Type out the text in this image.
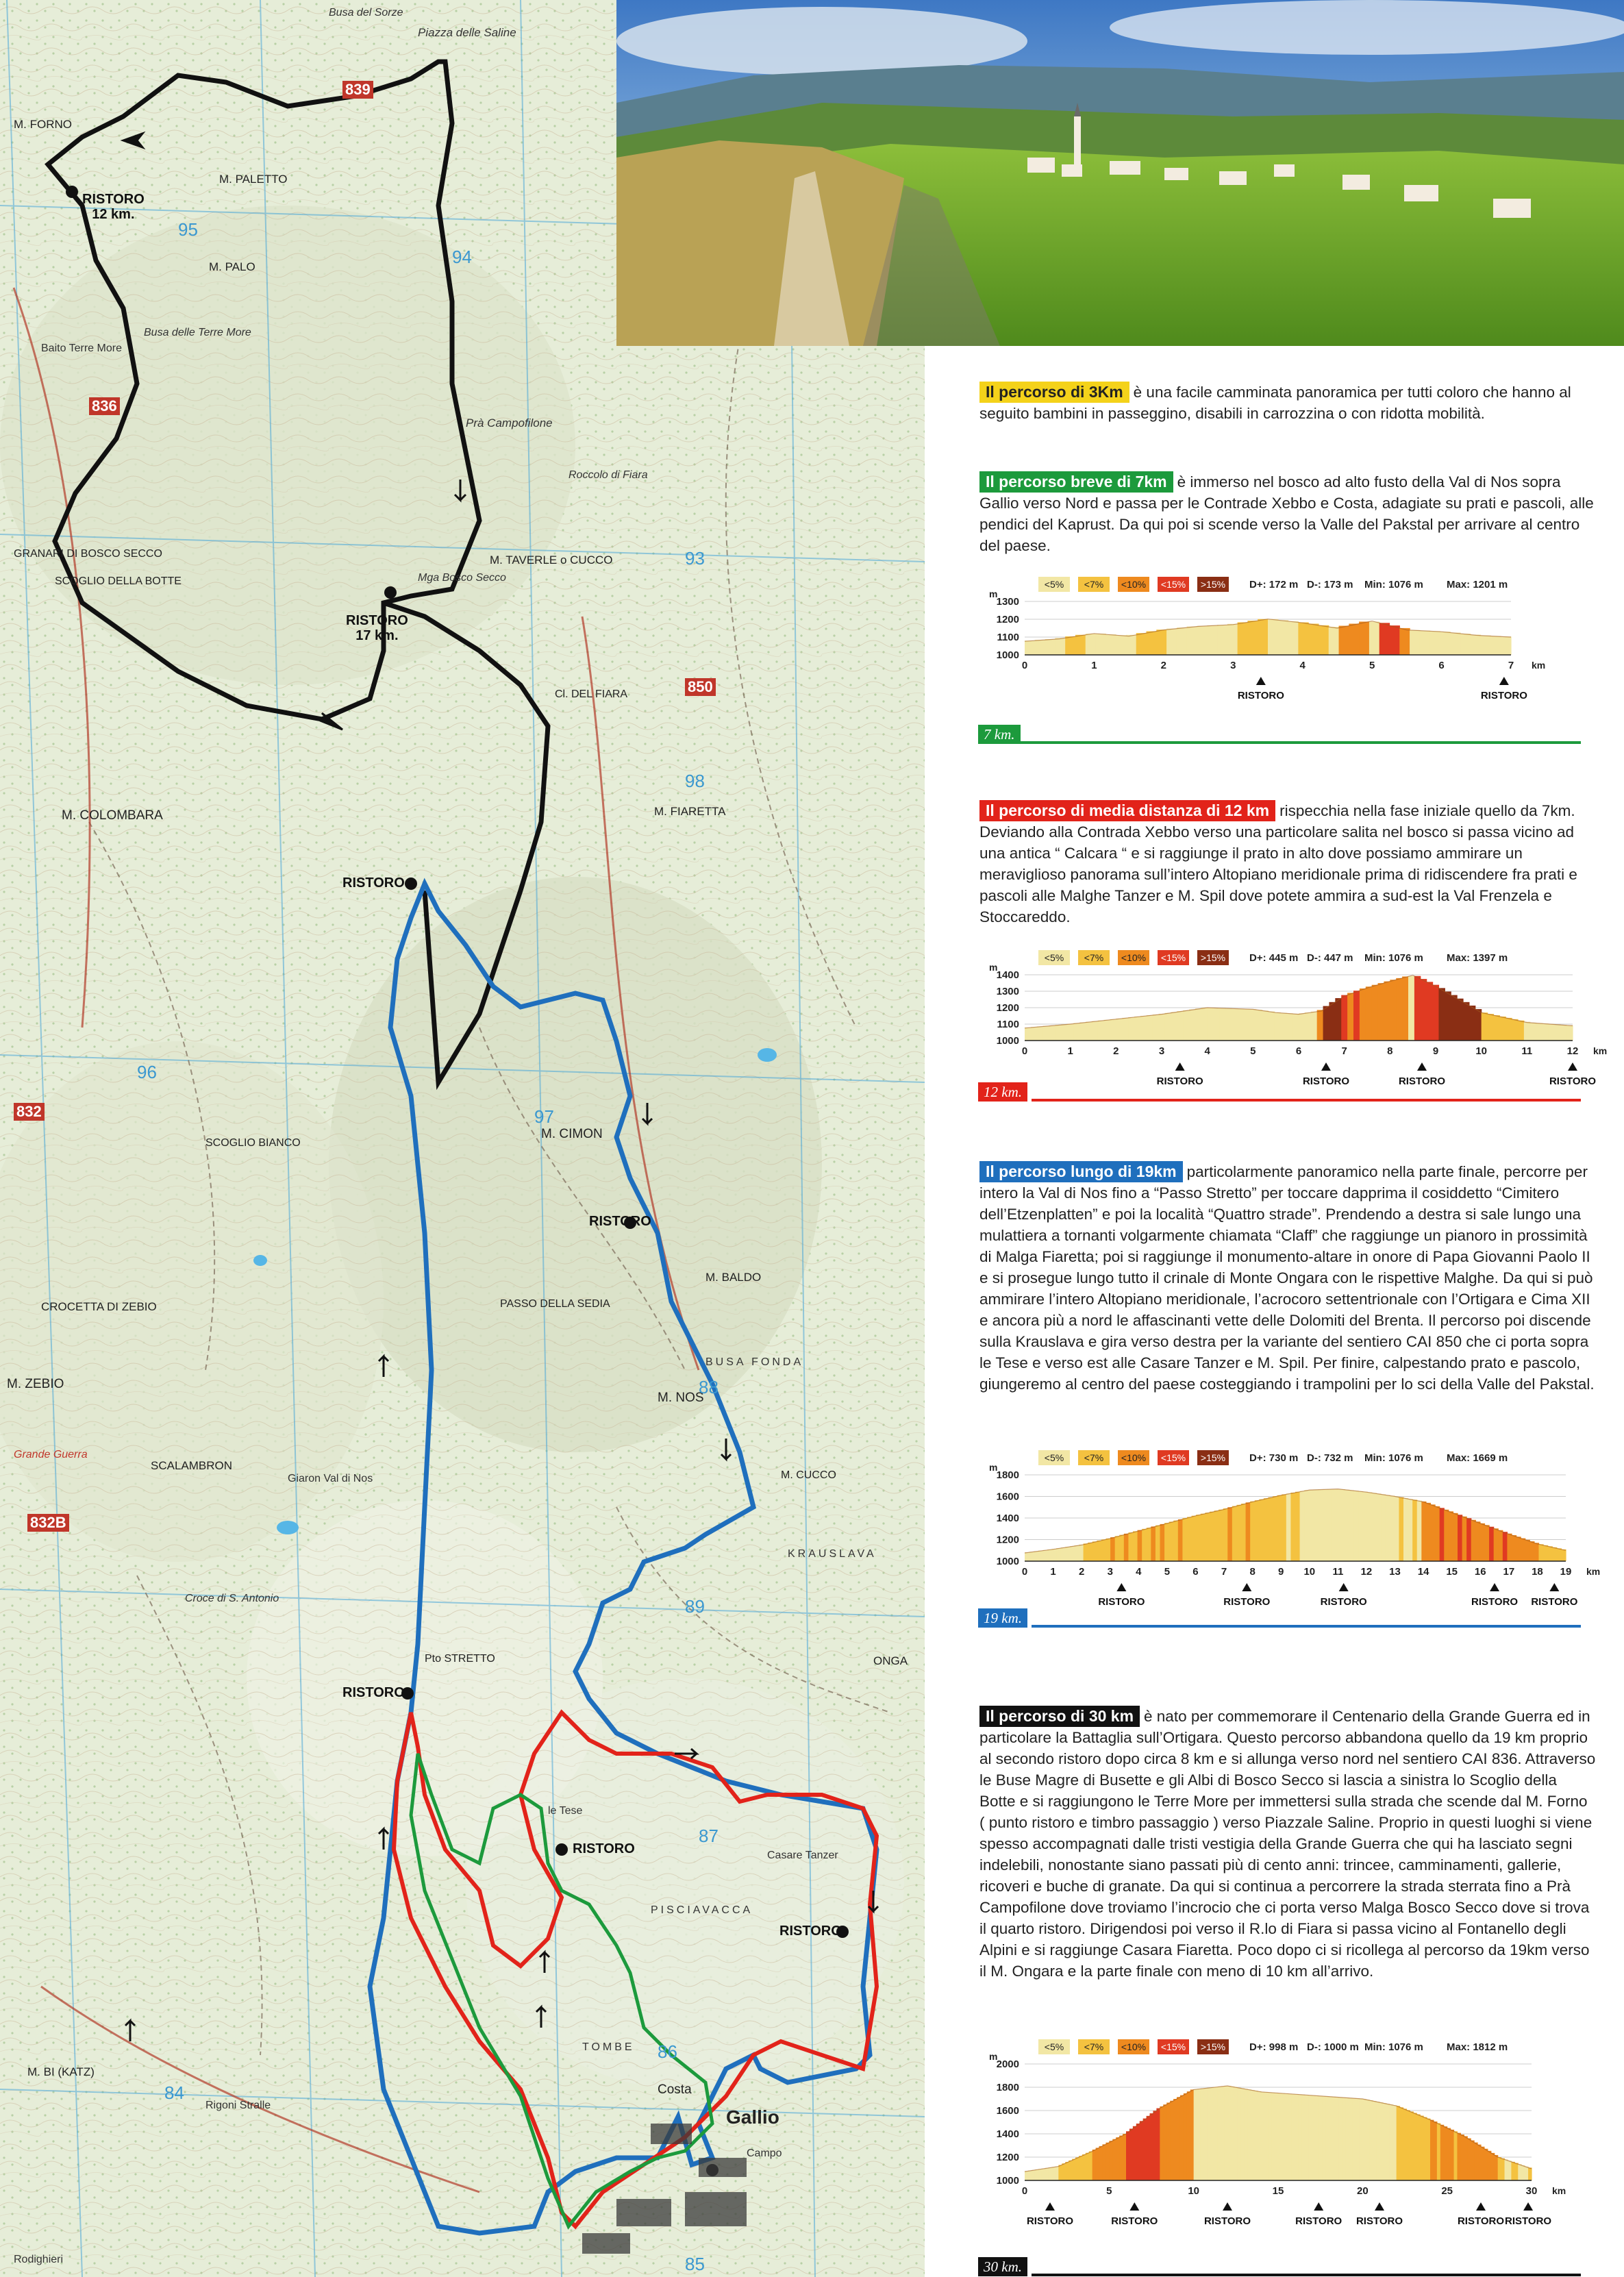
RISTORO
12 km.
RISTORO
17 km.
RISTORO
RISTORO
RISTORO
RISTORO
RISTORO
M. FORNO
M. PALETTO
M. PALO
Busa delle Terre More
Baito Terre More
Piazza delle Saline
Busa del Sorze
M. TAVERLE o CUCCO
Mga Bosco Secco
Roccolo di Fiara
M. COLOMBARA	M. FIARETTA
M. CIMON
M. BALDO
M. NOS
M. ZEBIO
SCOGLIO BIANCO
SCALAMBRON
Grande Guerra
M. CUCCO
Costa
Gallio
Campo
Prà Campofilone
Cl. DEL FIARA
PASSO DELLA SEDIA
Pto STRETTO
CROCETTA DI ZEBIO
Croce di S. Antonio
M. BI (KATZ)
Rigoni Stralle
Rodighieri
ONGA
Giaron Val di Nos
SCOGLIO DELLA BOTTE
GRANARI DI BOSCO SECCO
BUSA FONDA
KRAUSLAVA
PISCIAVACCA
TOMBE
le Tese
Casare Tanzer
95
94
93
97
96
98
87
89
88
86
85
84
836
839
832
850
832B

Il percorso di 3Km è una facile camminata panoramica per tutti coloro che hanno al seguito bambini in passeggino, disabili in carrozzina o con ridotta mobilità.

Il percorso breve di 7km è immerso nel bosco ad alto fusto della Val di Nos sopra Gallio verso Nord e passa per le Contrade Xebbo e Costa, adagiate su prati e pascoli, alle pendici del Kaprust. Da qui poi si scende verso la Valle del Pakstal per arrivare al centro del paese.

<5% <7% <10% <15% >15% D+: 172 m D-: 173 m Min: 1076 m Max: 1201 m
m
1000
1100
1200
1300
0	1	2	3	4	5	6	7 km
RISTORO	RISTORO
7 km.

Il percorso di media distanza di 12 km rispecchia nella fase iniziale quello da 7km. Deviando alla Contrada Xebbo verso una particolare salita nel bosco si passa vicino ad una antica “ Calcara “ e si raggiunge il prato in alto dove possiamo ammirare un meraviglioso panorama sull’intero Altopiano meridionale prima di ridiscendere fra prati e pascoli alle Malghe Tanzer e M. Spil dove potete ammira a sud-est la Val Frenzela e Stoccareddo.

<5% <7% <10% <15% >15% D+: 445 m D-: 447 m Min: 1076 m Max: 1397 m
m
1000
1100
1200
1300
1400
0	1	2	3	4	5	6	7	8	9	10	11	12 km
RISTORO	RISTORO	RISTORO	RISTORO
12 km.

Il percorso lungo di 19km particolarmente panoramico nella parte finale, percorre per intero la Val di Nos fino a “Passo Stretto” per toccare dapprima il cosiddetto “Cimitero dell’Etzenplatten” e poi la località “Quattro strade”. Prendendo a destra si sale lungo una mulattiera a tornanti volgarmente chiamata “Claff” che raggiunge un pianoro in prossimità di Malga Fiaretta; poi si raggiunge il monumento-altare in onore di Papa Giovanni Paolo II e si prosegue lungo tutto il crinale di Monte Ongara con le rispettive Malghe. Da qui si può ammirare l’intero Altopiano meridionale, l’acrocoro settentrionale con l’Ortigara e Cima XII e ancora più a nord le affascinanti vette delle Dolomiti del Brenta. Il percorso poi discende sulla Krauslava e gira verso destra per la variante del sentiero CAI 850 che ci porta sopra le Tese e verso est alle Casare Tanzer e M. Spil. Per finire, calpestando prato e pascolo, giungeremo al centro del paese costeggiando i trampolini per lo sci della Valle del Pakstal.

<5% <7% <10% <15% >15% D+: 730 m D-: 732 m Min: 1076 m Max: 1669 m
m
1000
1200
1400
1600
1800
0 1 2 3 4 5 6 7 8 9 10 11 12 13 14 15 16 17 18 19 km
RISTORO	RISTORO	RISTORO	RISTORO RISTORO
19 km.

Il percorso di 30 km è nato per commemorare il Centenario della Grande Guerra ed in particolare la Battaglia sull’Ortigara. Questo percorso abbandona quello da 19 km proprio al secondo ristoro dopo circa 8 km e si allunga verso nord nel sentiero CAI 836. Attraverso le Buse Magre di Busette e gli Albi di Bosco Secco si lascia a sinistra lo Scoglio della Botte e si raggiungono le Terre More per immettersi sulla strada che scende dal M. Forno ( punto ristoro e timbro passaggio ) verso Piazzale Saline. Proprio in questi luoghi si viene spesso accompagnati dalle tristi vestigia della Grande Guerra che qui ha lasciato segni indelebili, nonostante siano passati più di cento anni: trincee, camminamenti, gallerie, ricoveri e buche di granate. Da qui si continua a percorrere la strada sterrata fino a Prà Campofilone dove troviamo l’incrocio che ci porta verso Malga Bosco Secco dove si trova il quarto ristoro. Dirigendosi poi verso il R.lo di Fiara si passa vicino al Fontanello degli Alpini e si raggiunge Casara Fiaretta. Poco dopo ci si ricollega al percorso da 19km verso il M. Ongara e la parte finale con meno di 10 km all’arrivo.

<5% <7% <10% <15% >15% D+: 998 m D-: 1000 m Min: 1076 m Max: 1812 m
m
1000
1200
1400
1600
1800
2000
0	5	10	15	20	25	30 km
RISTORO	RISTORO	RISTORO	RISTORO RISTORO	RISTORO RISTORO
30 km.
